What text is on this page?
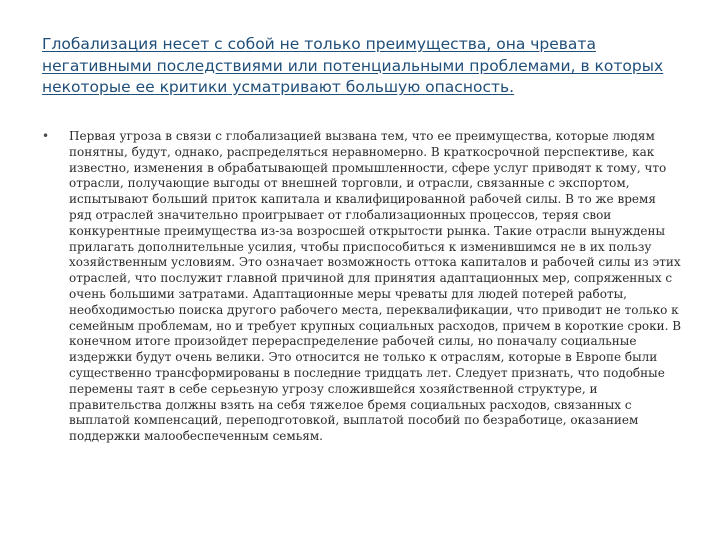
Глобализация несет с собой не только преимущества, она чревата негативными последствиями или потенциальными проблемами, в которых некоторые ее критики усматривают большую опасность.

• Первая угроза в связи с глобализацией вызвана тем, что ее преимущества, которые людям понятны, будут, однако, распределяться неравномерно. В краткосрочной перспективе, как известно, изменения в обрабатывающей промышленности, сфере услуг приводят к тому, что отрасли, получающие выгоды от внешней торговли, и отрасли, связанные с экспортом, испытывают больший приток капитала и квалифицированной рабочей силы. В то же время ряд отраслей значительно проигрывает от глобализационных процессов, теряя свои конкурентные преимущества из-за возросшей открытости рынка. Такие отрасли вынуждены прилагать дополнительные усилия, чтобы приспособиться к изменившимся не в их пользу хозяйственным условиям. Это означает возможность оттока капиталов и рабочей силы из этих отраслей, что послужит главной причиной для принятия адаптационных мер, сопряженных с очень большими затратами. Адаптационные меры чреваты для людей потерей работы, необходимостью поиска другого рабочего места, переквалификации, что приводит не только к семейным проблемам, но и требует крупных социальных расходов, причем в короткие сроки. В конечном итоге произойдет перераспределение рабочей силы, но поначалу социальные издержки будут очень велики. Это относится не только к отраслям, которые в Европе были существенно трансформированы в последние тридцать лет. Следует признать, что подобные перемены таят в себе серьезную угрозу сложившейся хозяйственной структуре, и правительства должны взять на себя тяжелое бремя социальных расходов, связанных с выплатой компенсаций, переподготовкой, выплатой пособий по безработице, оказанием поддержки малообеспеченным семьям.
